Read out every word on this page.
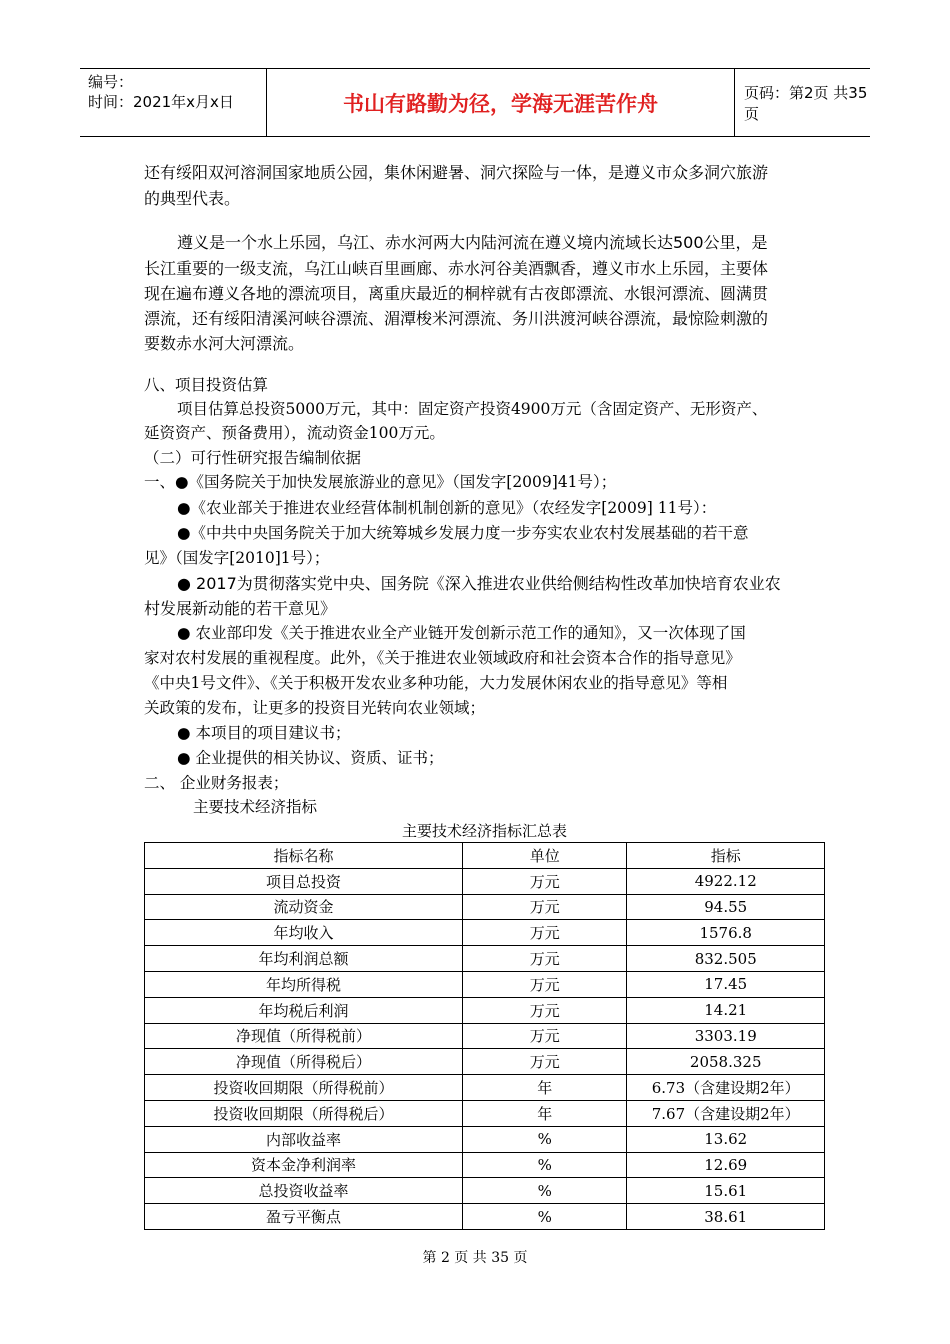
编号：
时间：2021年x月x日	书山有路勤为径，学海无涯苦作舟	页码：第2页 共35页
还有绥阳双河溶洞国家地质公园，集休闲避暑、洞穴探险与一体，是遵义市众多洞穴旅游
的典型代表。
遵义是一个水上乐园，乌江、赤水河两大内陆河流在遵义境内流域长达500公里，是
长江重要的一级支流，乌江山峡百里画廊、赤水河谷美酒飘香，遵义市水上乐园，主要体
现在遍布遵义各地的漂流项目，离重庆最近的桐梓就有古夜郎漂流、水银河漂流、圆满贯
漂流，还有绥阳清溪河峡谷漂流、湄潭梭米河漂流、务川洪渡河峡谷漂流，最惊险刺激的
要数赤水河大河漂流。
八、项目投资估算
项目估算总投资5000万元，其中：固定资产投资4900万元（含固定资产、无形资产、
延资资产、预备费用），流动资金100万元。
（二）可行性研究报告编制依据
一、●《国务院关于加快发展旅游业的意见》（国发字[2009]41号）；
●《农业部关于推进农业经营体制机制创新的意见》（农经发字[2009] 11号）：
●《中共中央国务院关于加大统筹城乡发展力度一步夯实农业农村发展基础的若干意
见》（国发字[2010]1号）；
● 2017为贯彻落实党中央、国务院《深入推进农业供给侧结构性改革加快培育农业农
村发展新动能的若干意见》
● 农业部印发《关于推进农业全产业链开发创新示范工作的通知》，又一次体现了国
家对农村发展的重视程度。此外，《关于推进农业领域政府和社会资本合作的指导意见》
《中央1号文件》、《关于积极开发农业多种功能，大力发展休闲农业的指导意见》等相
关政策的发布，让更多的投资目光转向农业领域；
● 本项目的项目建议书；
● 企业提供的相关协议、资质、证书；
二、 企业财务报表；
主要技术经济指标
主要技术经济指标汇总表
指标名称	单位	指标
项目总投资	万元	4922.12
流动资金	万元	94.55
年均收入	万元	1576.8
年均利润总额	万元	832.505
年均所得税	万元	17.45
年均税后利润	万元	14.21
净现值（所得税前）	万元	3303.19
净现值（所得税后）	万元	2058.325
投资收回期限（所得税前）	年	6.73（含建设期2年）
投资收回期限（所得税后）	年	7.67（含建设期2年）
内部收益率	%	13.62
资本金净利润率	%	12.69
总投资收益率	%	15.61
盈亏平衡点	%	38.61
第 2 页 共 35 页
